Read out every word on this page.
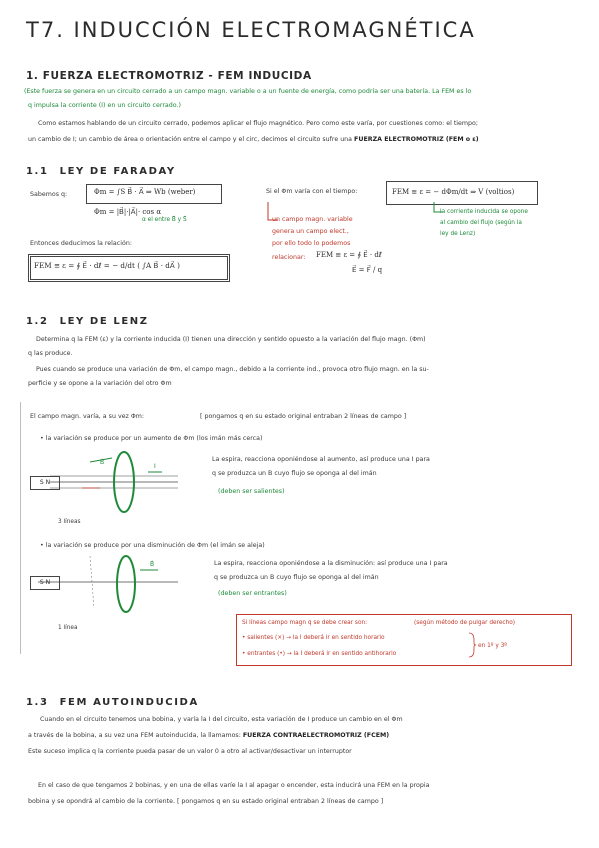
T7. INDUCCIÓN ELECTROMAGNÉTICA
1. FUERZA ELECTROMOTRIZ - FEM INDUCIDA
(Este fuerza se genera en un circuito cerrado a un campo magn. variable o a un fuente de energía, como podría ser una batería. La FEM es lo
q impulsa la corriente (I) en un circuito cerrado.)
Como estamos hablando de un circuito cerrado, podemos aplicar el flujo magnético. Pero como este varía, por cuestiones como: el tiempo;
un cambio de I; un cambio de área o orientación entre el campo y el circ, decimos el circuito sufre una FUERZA ELECTROMOTRIZ (FEM o ε)
1.1 LEY DE FARADAY
Sabemos q:	Φm = ∫S B⃗ · A⃗ ⇒ Wb (weber)
Φm = |B⃗|·|A⃗|· cos α
α el entre B⃗ y S⃗
Entonces deducimos la relación:
FEM ≡ ε = ∮ E⃗ · dℓ⃗ = − d/dt ( ∫A B⃗ · dA⃗ )
Si el Φm varía con el tiempo:	FEM ≡ ε = − dΦm/dt ⇒ V (voltios)
un campo magn. variable
genera un campo elect.,
por ello todo lo podemos
relacionar: FEM ≡ ε = ∮ E⃗ · dℓ⃗
E⃗ = F⃗ / q
la corriente inducida se opone
al cambio del flujo (según la
ley de Lenz)
1.2 LEY DE LENZ
Determina q la FEM (ε) y la corriente inducida (I) tienen una dirección y sentido opuesto a la variación del flujo magn. (Φm)
q las produce.
Pues cuando se produce una variación de Φm, el campo magn., debido a la corriente ind., provoca otro flujo magn. en la su-
perficie y se opone a la variación del otro Φm
El campo magn. varía, a su vez Φm:	[ pongamos q en su estado original entraban 2 líneas de campo ]
• la variación se produce por un aumento de Φm (los imán más cerca)
B⃗
I
S N
3 líneas
La espira, reacciona oponiéndose al aumento, así produce una I para
q se produzca un B cuyo flujo se oponga al del imán
(deben ser salientes)
• la variación se produce por una disminución de Φm (el imán se aleja)
B⃗
S N
1 línea
La espira, reacciona oponiéndose a la disminución: así produce una I para
q se produzca un B cuyo flujo se oponga al del imán
(deben ser entrantes)
Si líneas campo magn q se debe crear son:	(según método de pulgar derecho)
• salientes (×) → la I deberá ir en sentido horario
• entrantes (•) → la I deberá ir en sentido antihorario
en 1º y 3º
1.3 FEM AUTOINDUCIDA
Cuando en el circuito tenemos una bobina, y varía la I del circuito, esta variación de I produce un cambio en el Φm
a través de la bobina, a su vez una FEM autoinducida, la llamamos: FUERZA CONTRAELECTROMOTRIZ (FCEM)
Este suceso implica q la corriente pueda pasar de un valor 0 a otro al activar/desactivar un interruptor
En el caso de que tengamos 2 bobinas, y en una de ellas varíe la I al apagar o encender, esta inducirá una FEM en la propia
bobina y se opondrá al cambio de la corriente. [ pongamos q en su estado original entraban 2 líneas de campo ]
